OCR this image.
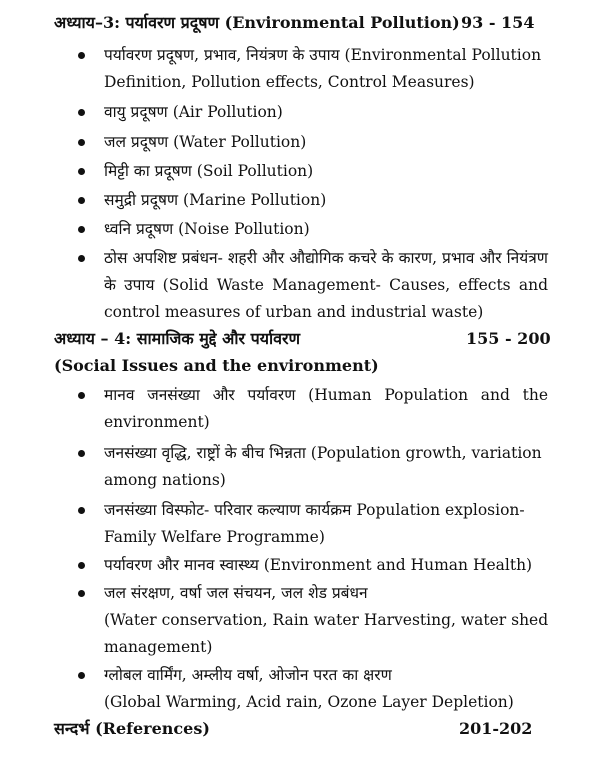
अध्याय–3: पर्यावरण प्रदूषण (Environmental Pollution) 93 - 154
पर्यावरण प्रदूषण, प्रभाव, नियंत्रण के उपाय (Environmental Pollution
Definition, Pollution effects, Control Measures)
वायु प्रदूषण (Air Pollution)
जल प्रदूषण (Water Pollution)
मिट्टी का प्रदूषण (Soil Pollution)
समुद्री प्रदूषण (Marine Pollution)
ध्वनि प्रदूषण (Noise Pollution)
ठोस अपशिष्ट प्रबंधन- शहरी और औद्योगिक कचरे के कारण, प्रभाव और नियंत्रण
के उपाय (Solid Waste Management- Causes, effects and
control measures of urban and industrial waste)
अध्याय – 4: सामाजिक मुद्दे और पर्यावरण	155 - 200
(Social Issues and the environment)
मानव जनसंख्या और पर्यावरण (Human Population and the
environment)
जनसंख्या वृद्धि, राष्ट्रों के बीच भिन्नता (Population growth, variation
among nations)
जनसंख्या विस्फोट- परिवार कल्याण कार्यक्रम Population explosion-
Family Welfare Programme)
पर्यावरण और मानव स्वास्थ्य (Environment and Human Health)
जल संरक्षण, वर्षा जल संचयन, जल शेड प्रबंधन
(Water conservation, Rain water Harvesting, water shed
management)
ग्लोबल वार्मिंग, अम्लीय वर्षा, ओजोन परत का क्षरण
(Global Warming, Acid rain, Ozone Layer Depletion)
सन्दर्भ (References)	201-202
